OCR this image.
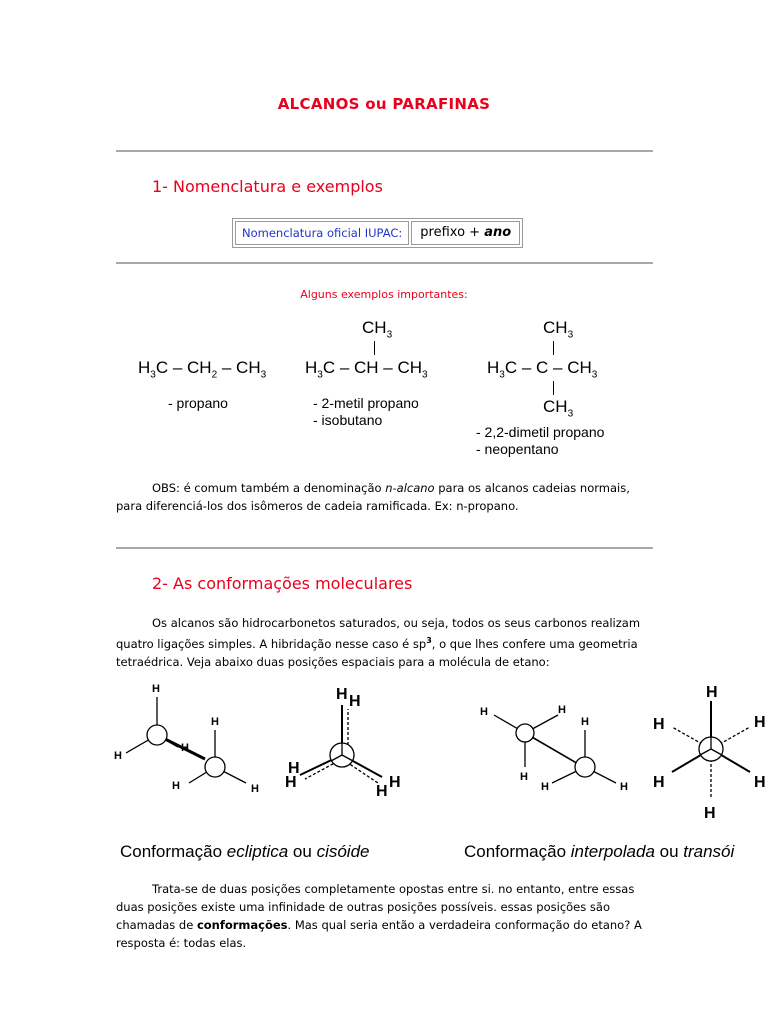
ALCANOS ou PARAFINAS
1- Nomenclatura e exemplos
Nomenclatura oficial IUPAC:	prefixo + ano
Alguns exemplos importantes:
$H_3C - CH_2 - CH_3$
- propano
$CH_3$
$H_3C$ – CH – $CH_3$
- 2-metil propano
- isobutano
$CH_3$
$H_3C$ – C – $CH_3$
$CH_3$
- 2,2-dimetil propano
- neopentano
OBS: é comum também a denominação n-alcano para os alcanos cadeias normais, para diferenciá-los dos isômeros de cadeia ramificada. Ex: n-propano.
2- As conformações moleculares
Os alcanos são hidrocarbonetos saturados, ou seja, todos os seus carbonos realizam quatro ligações simples. A hibridação nesse caso é $sp^3$, o que lhes confere uma geometria tetraédrica. Veja abaixo duas posições espaciais para a molécula de etano:
H
H
H
H
H	H
H H
H
H	H
H
H	H
H
H
H	H
H
H	H
H	H
H
Conformação ecliptica ou cisóide	Conformação interpolada ou transói
Trata-se de duas posições completamente opostas entre si. no entanto, entre essas duas posições existe uma infinidade de outras posições possíveis. essas posições são chamadas de conformações. Mas qual seria então a verdadeira conformação do etano? A resposta é: todas elas.
